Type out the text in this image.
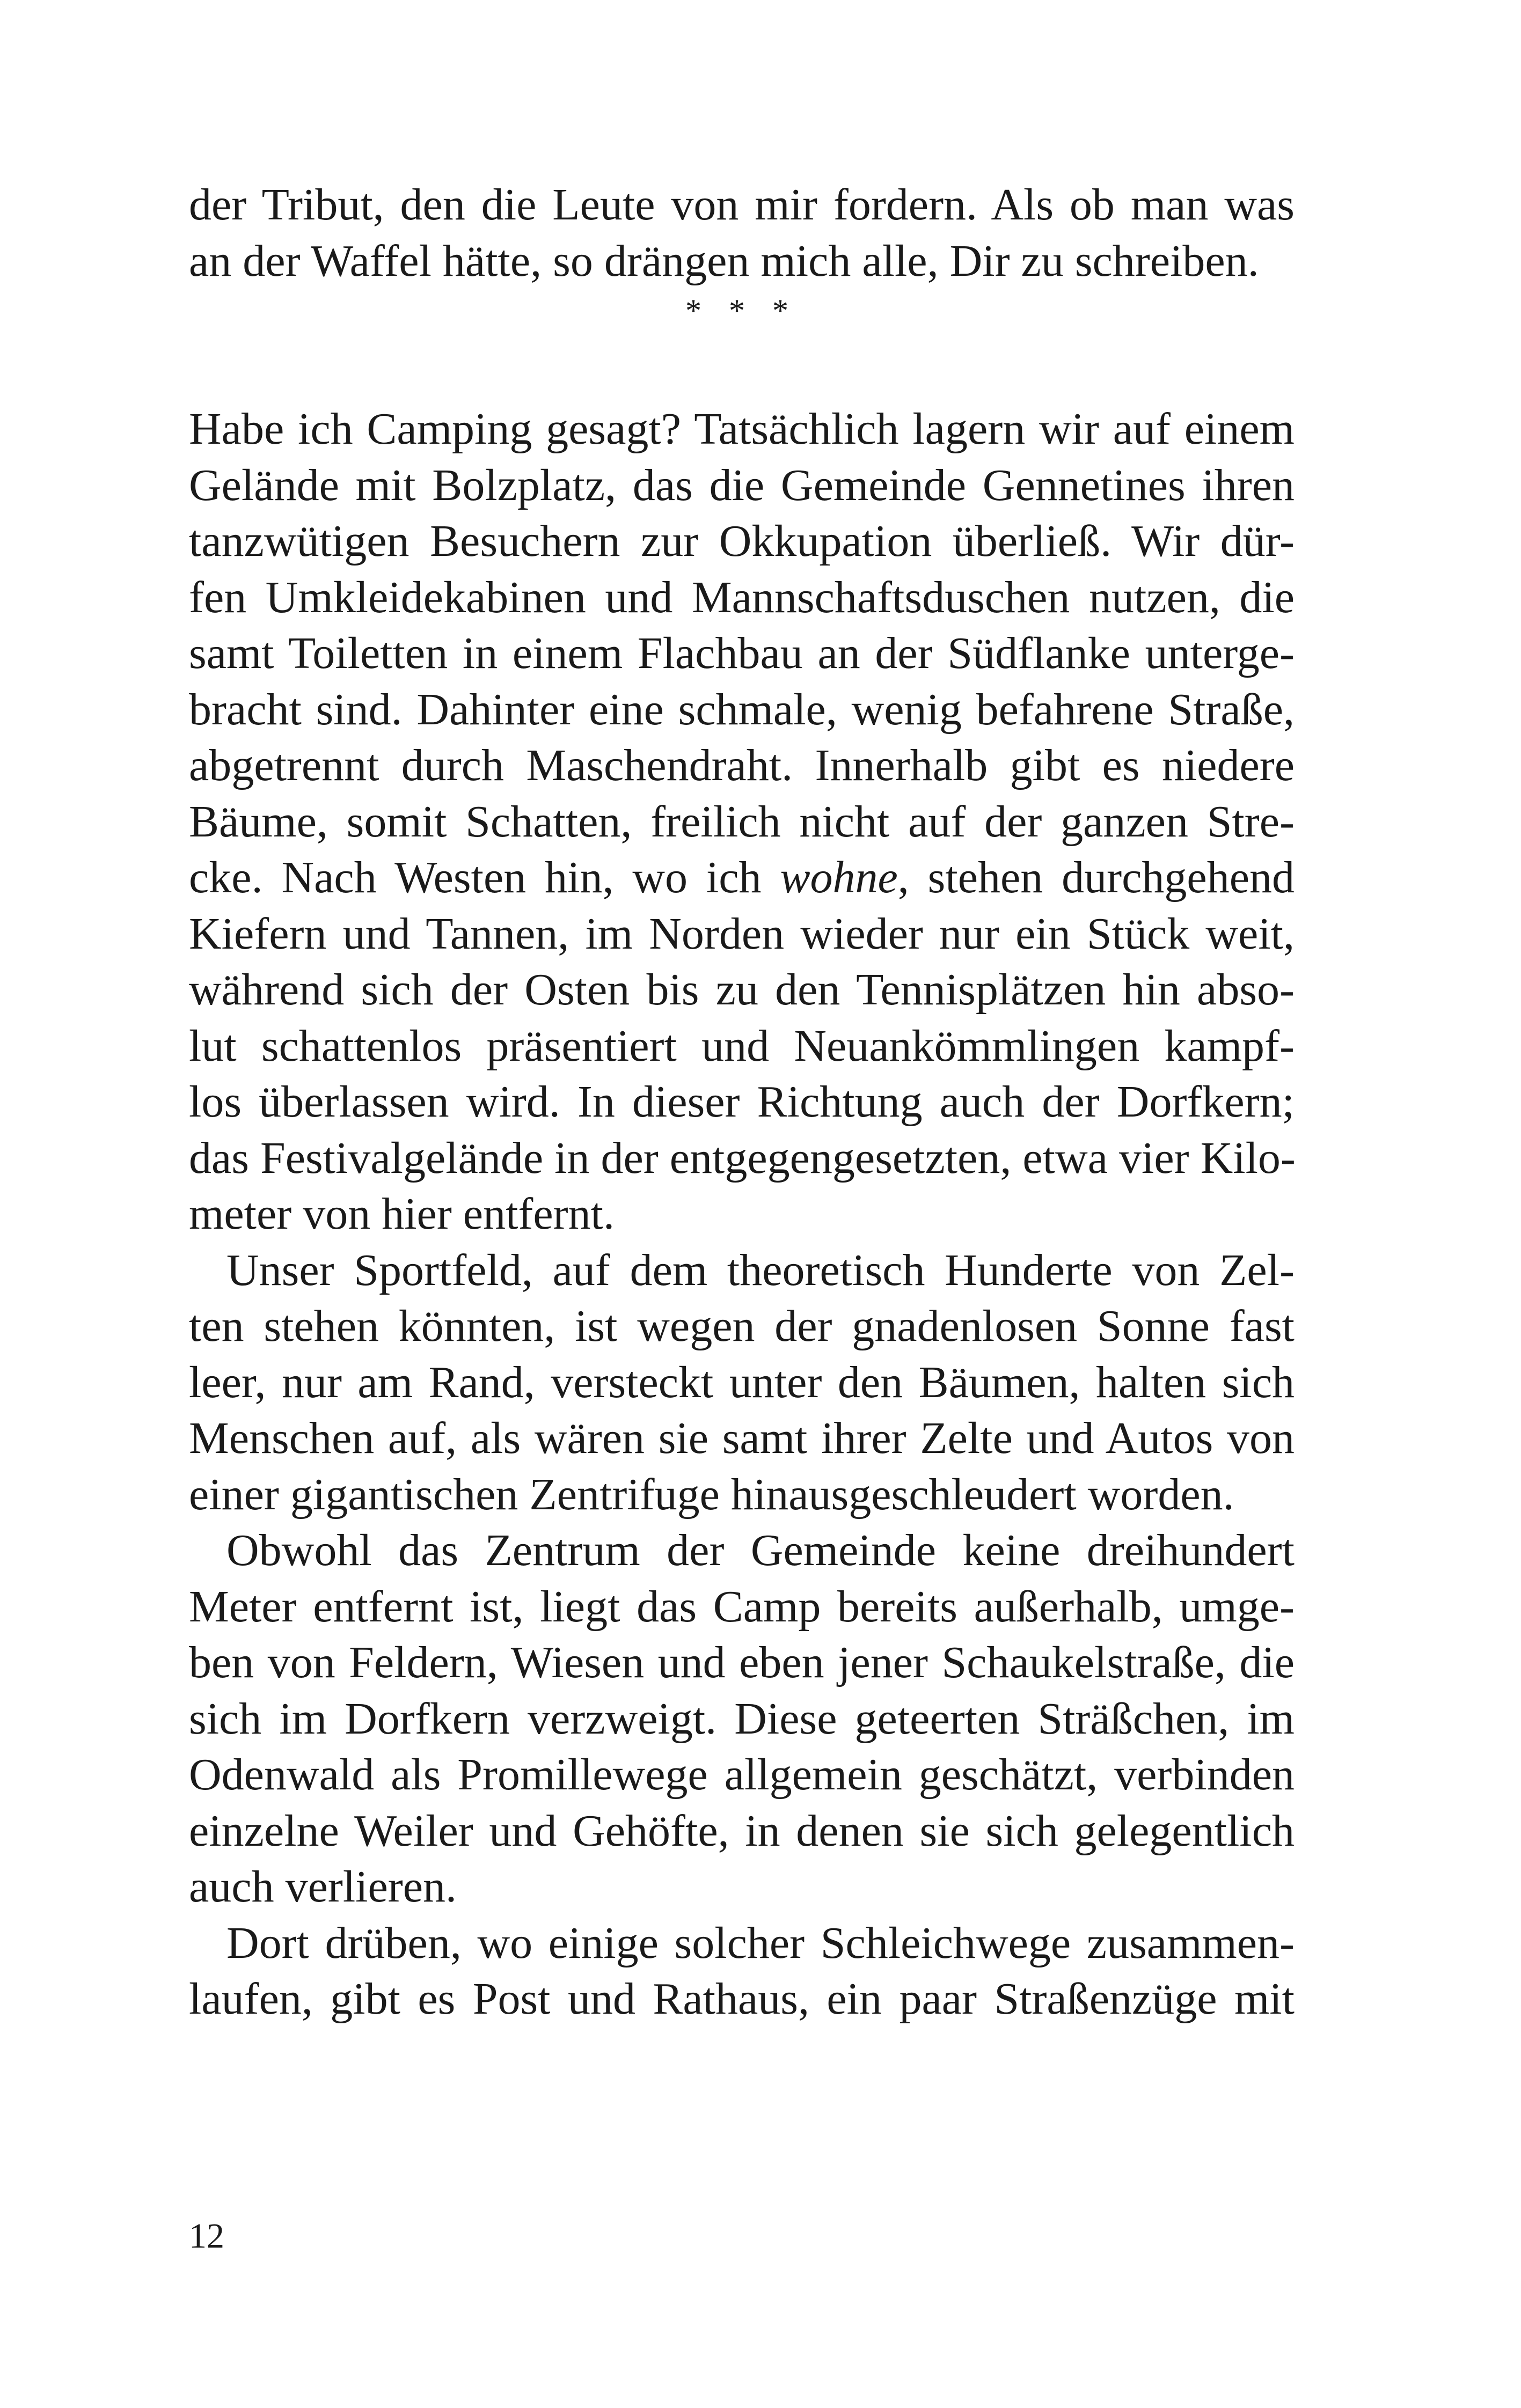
der Tribut, den die Leute von mir fordern. Als ob man was
an der Waffel hätte, so drängen mich alle, Dir zu schreiben.
* * *
Habe ich Camping gesagt? Tatsächlich lagern wir auf einem
Gelände mit Bolzplatz, das die Gemeinde Gennetines ihren
tanzwütigen Besuchern zur Okkupation überließ. Wir dür-
fen Umkleidekabinen und Mannschaftsduschen nutzen, die
samt Toiletten in einem Flachbau an der Südflanke unterge-
bracht sind. Dahinter eine schmale, wenig befahrene Straße,
abgetrennt durch Maschendraht. Innerhalb gibt es niedere
Bäume, somit Schatten, freilich nicht auf der ganzen Stre-
cke. Nach Westen hin, wo ich wohne, stehen durchgehend
Kiefern und Tannen, im Norden wieder nur ein Stück weit,
während sich der Osten bis zu den Tennisplätzen hin abso-
lut schattenlos präsentiert und Neuankömmlingen kampf-
los überlassen wird. In dieser Richtung auch der Dorfkern;
das Festivalgelände in der entgegengesetzten, etwa vier Kilo-
meter von hier entfernt.
Unser Sportfeld, auf dem theoretisch Hunderte von Zel-
ten stehen könnten, ist wegen der gnadenlosen Sonne fast
leer, nur am Rand, versteckt unter den Bäumen, halten sich
Menschen auf, als wären sie samt ihrer Zelte und Autos von
einer gigantischen Zentrifuge hinausgeschleudert worden.
Obwohl das Zentrum der Gemeinde keine dreihundert
Meter entfernt ist, liegt das Camp bereits außerhalb, umge-
ben von Feldern, Wiesen und eben jener Schaukelstraße, die
sich im Dorfkern verzweigt. Diese geteerten Sträßchen, im
Odenwald als Promillewege allgemein geschätzt, verbinden
einzelne Weiler und Gehöfte, in denen sie sich gelegentlich
auch verlieren.
Dort drüben, wo einige solcher Schleichwege zusammen-
laufen, gibt es Post und Rathaus, ein paar Straßenzüge mit
12
